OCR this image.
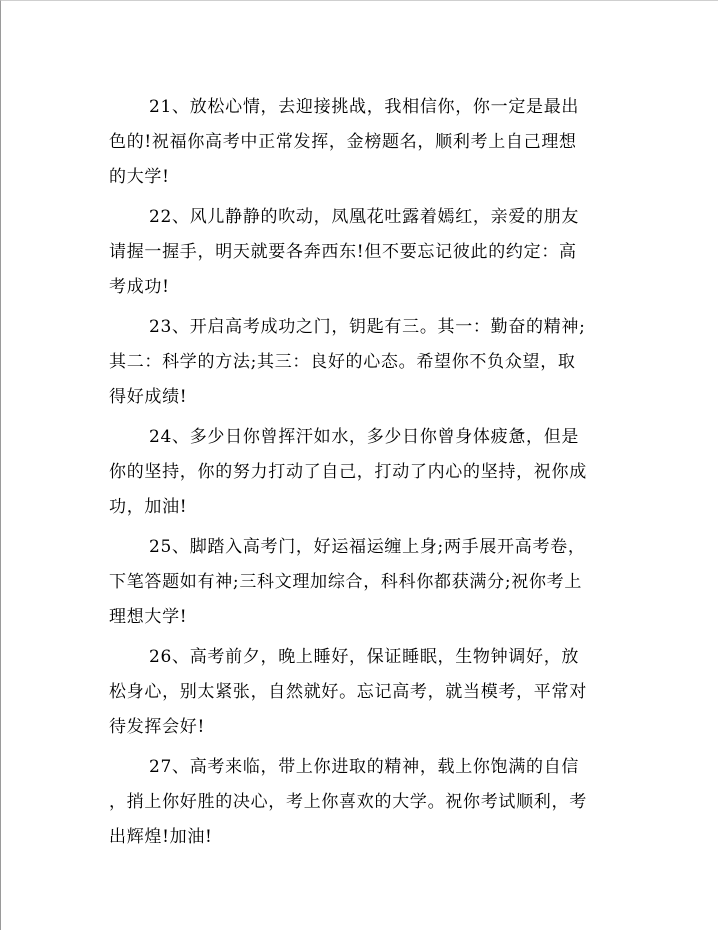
21、放松心情，去迎接挑战，我相信你，你一定是最出
色的!祝福你高考中正常发挥，金榜题名，顺利考上自己理想
的大学!
22、风儿静静的吹动，凤凰花吐露着嫣红，亲爱的朋友
请握一握手，明天就要各奔西东!但不要忘记彼此的约定：高
考成功!
23、开启高考成功之门，钥匙有三。其一：勤奋的精神;
其二：科学的方法;其三：良好的心态。希望你不负众望，取
得好成绩!
24、多少日你曾挥汗如水，多少日你曾身体疲惫，但是
你的坚持，你的努力打动了自己，打动了内心的坚持，祝你成
功，加油!
25、脚踏入高考门，好运福运缠上身;两手展开高考卷，
下笔答题如有神;三科文理加综合，科科你都获满分;祝你考上
理想大学!
26、高考前夕，晚上睡好，保证睡眠，生物钟调好，放
松身心，别太紧张，自然就好。忘记高考，就当模考，平常对
待发挥会好!
27、高考来临，带上你进取的精神，载上你饱满的自信
，捎上你好胜的决心，考上你喜欢的大学。祝你考试顺利，考
出辉煌!加油!
